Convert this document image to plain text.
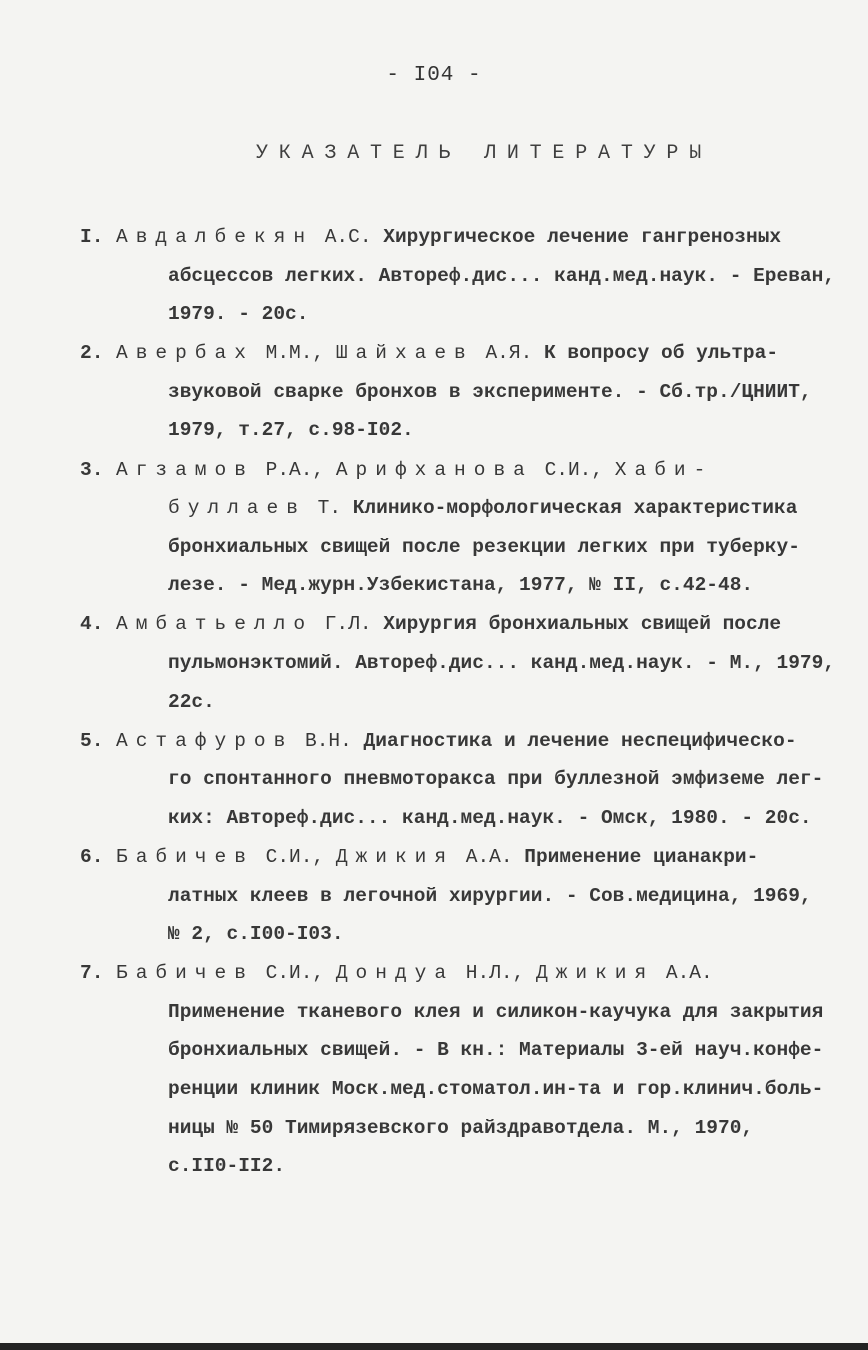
- I04 -
УКАЗАТЕЛЬ ЛИТЕРАТУРЫ
I. Авдалбекян А.С. Хирургическое лечение гангренозных
абсцессов легких. Автореф.дис... канд.мед.наук. - Ереван,
1979. - 20с.
2. Авербах М.М., Шайхаев А.Я. К вопросу об ультра-
звуковой сварке бронхов в эксперименте. - Сб.тр./ЦНИИТ,
1979, т.27, с.98-I02.
3. Агзамов Р.А., Арифханова С.И., Хаби-
буллаев Т. Клинико-морфологическая характеристика
бронхиальных свищей после резекции легких при туберку-
лезе. - Мед.журн.Узбекистана, 1977, № II, с.42-48.
4. Амбатьелло Г.Л. Хирургия бронхиальных свищей после
пульмонэктомий. Автореф.дис... канд.мед.наук. - М., 1979,
22с.
5. Астафуров В.Н. Диагностика и лечение неспецифическо-
го спонтанного пневмоторакса при буллезной эмфиземе лег-
ких: Автореф.дис... канд.мед.наук. - Омск, 1980. - 20с.
6. Бабичев С.И., Джикия А.А. Применение цианакри-
латных клеев в легочной хирургии. - Сов.медицина, 1969,
№ 2, с.I00-I03.
7. Бабичев С.И., Дондуа Н.Л., Джикия А.А.
Применение тканевого клея и силикон-каучука для закрытия
бронхиальных свищей. - В кн.: Материалы 3-ей науч.конфе-
ренции клиник Моск.мед.стоматол.ин-та и гор.клинич.боль-
ницы № 50 Тимирязевского райздравотдела. М., 1970,
с.II0-II2.
